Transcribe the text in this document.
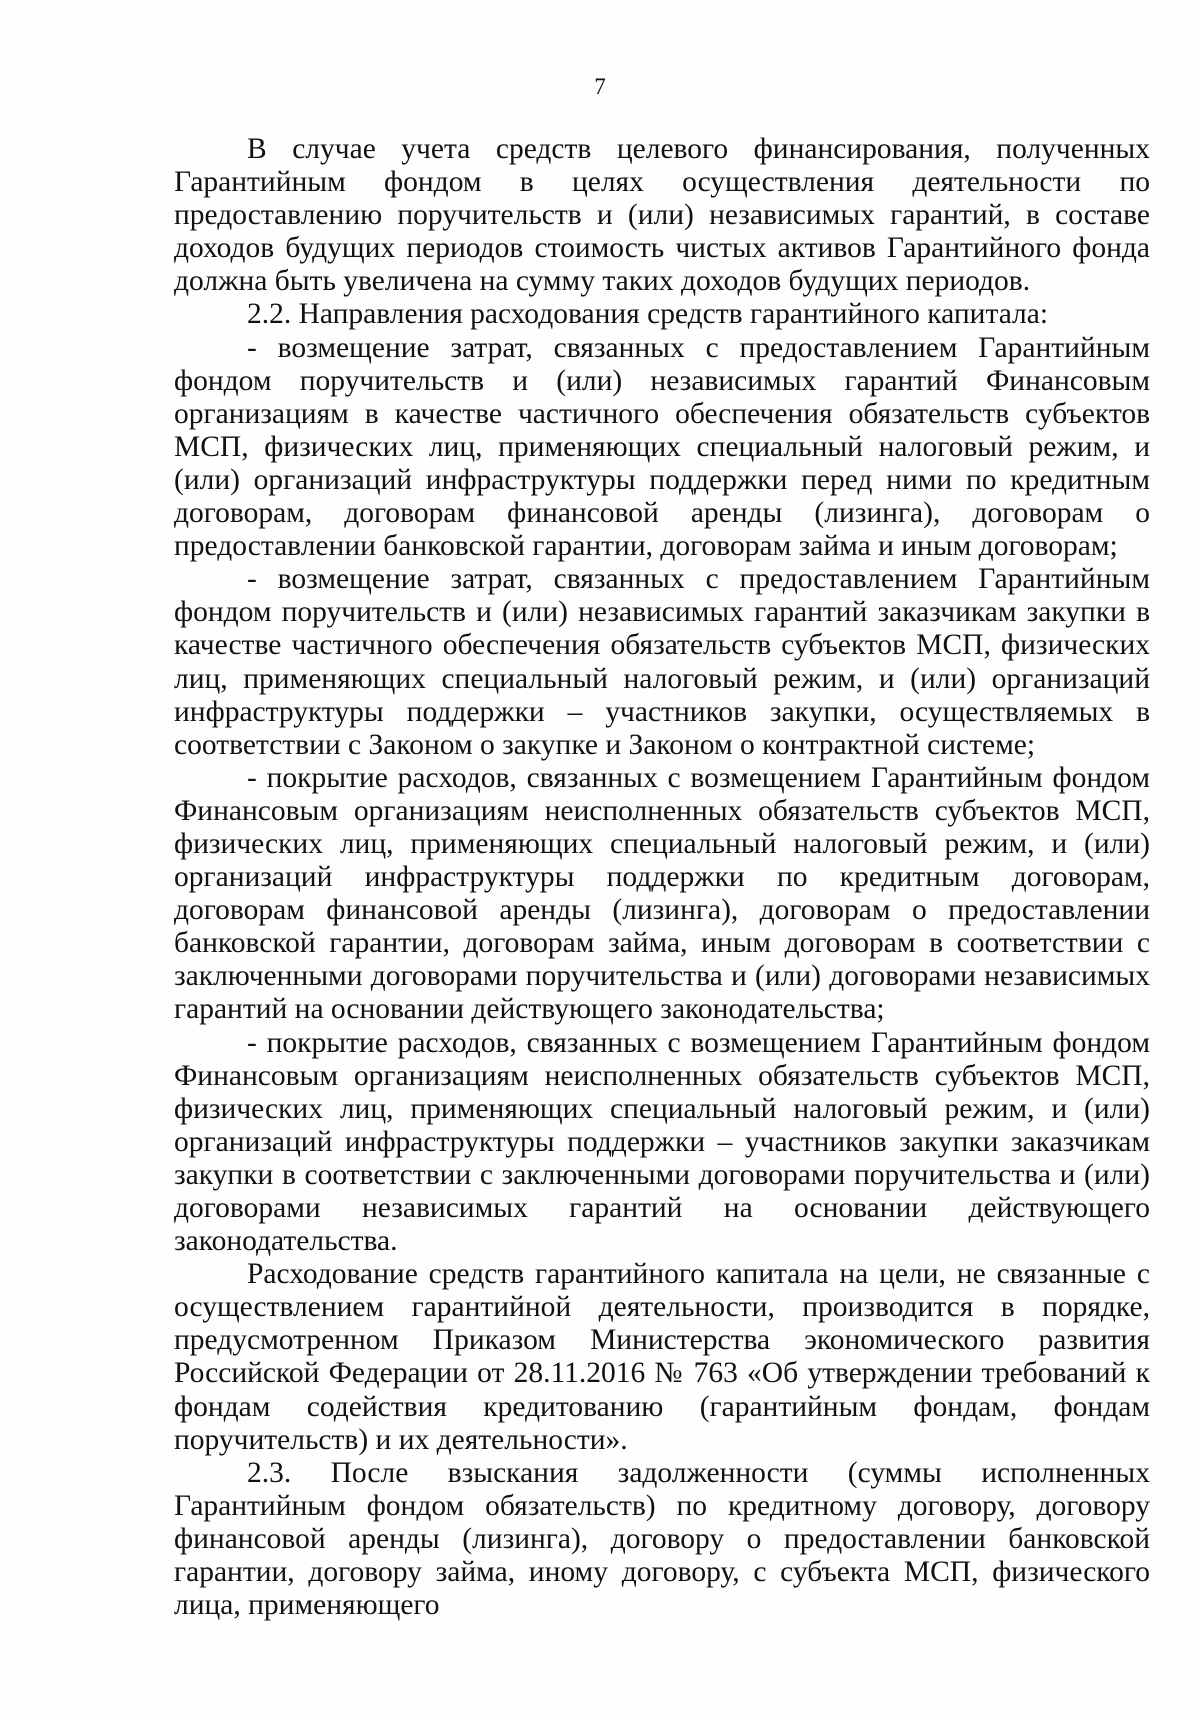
7

В случае учета средств целевого финансирования, полученных Гарантийным фондом в целях осуществления деятельности по предоставлению поручительств и (или) независимых гарантий, в составе доходов будущих периодов стоимость чистых активов Гарантийного фонда должна быть увеличена на сумму таких доходов будущих периодов.

2.2. Направления расходования средств гарантийного капитала:

- возмещение затрат, связанных с предоставлением Гарантийным фондом поручительств и (или) независимых гарантий Финансовым организациям в качестве частичного обеспечения обязательств субъектов МСП, физических лиц, применяющих специальный налоговый режим, и (или) организаций инфраструктуры поддержки перед ними по кредитным договорам, договорам финансовой аренды (лизинга), договорам о предоставлении банковской гарантии, договорам займа и иным договорам;

- возмещение затрат, связанных с предоставлением Гарантийным фондом поручительств и (или) независимых гарантий заказчикам закупки в качестве частичного обеспечения обязательств субъектов МСП, физических лиц, применяющих специальный налоговый режим, и (или) организаций инфраструктуры поддержки – участников закупки, осуществляемых в соответствии с Законом о закупке и Законом о контрактной системе;

- покрытие расходов, связанных с возмещением Гарантийным фондом Финансовым организациям неисполненных обязательств субъектов МСП, физических лиц, применяющих специальный налоговый режим, и (или) организаций инфраструктуры поддержки по кредитным договорам, договорам финансовой аренды (лизинга), договорам о предоставлении банковской гарантии, договорам займа, иным договорам в соответствии с заключенными договорами поручительства и (или) договорами независимых гарантий на основании действующего законодательства;

- покрытие расходов, связанных с возмещением Гарантийным фондом Финансовым организациям неисполненных обязательств субъектов МСП, физических лиц, применяющих специальный налоговый режим, и (или) организаций инфраструктуры поддержки – участников закупки заказчикам закупки в соответствии с заключенными договорами поручительства и (или) договорами независимых гарантий на основании действующего законодательства.

Расходование средств гарантийного капитала на цели, не связанные с осуществлением гарантийной деятельности, производится в порядке, предусмотренном Приказом Министерства экономического развития Российской Федерации от 28.11.2016 № 763 «Об утверждении требований к фондам содействия кредитованию (гарантийным фондам, фондам поручительств) и их деятельности».

2.3. После взыскания задолженности (суммы исполненных Гарантийным фондом обязательств) по кредитному договору, договору финансовой аренды (лизинга), договору о предоставлении банковской гарантии, договору займа, иному договору, с субъекта МСП, физического лица, применяющего
